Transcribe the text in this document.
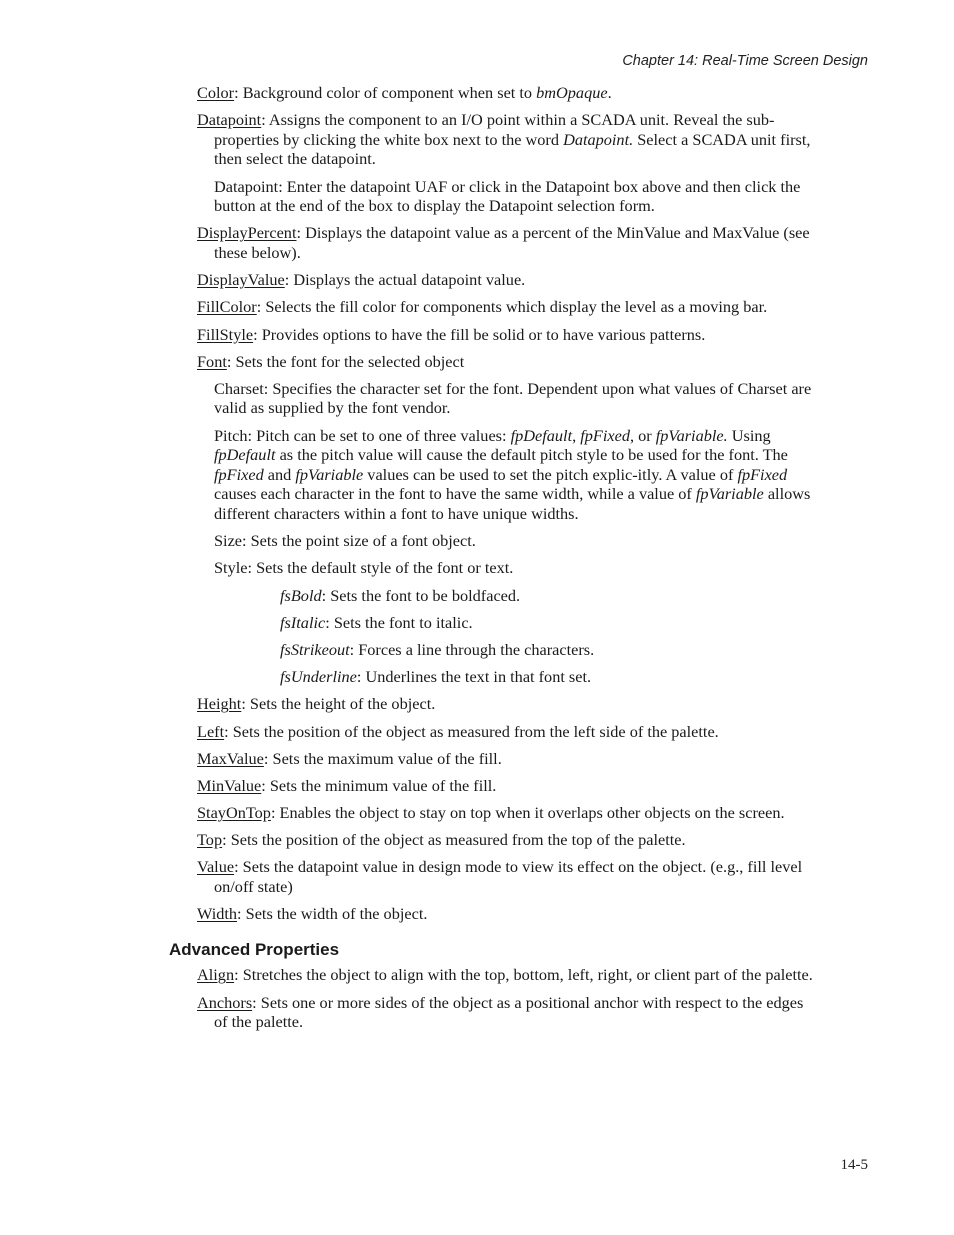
Chapter 14: Real-Time Screen Design

Color: Background color of component when set to bmOpaque.

Datapoint: Assigns the component to an I/O point within a SCADA unit. Reveal the sub-properties by clicking the white box next to the word Datapoint. Select a SCADA unit first, then select the datapoint.

Datapoint: Enter the datapoint UAF or click in the Datapoint box above and then click the button at the end of the box to display the Datapoint selection form.

DisplayPercent: Displays the datapoint value as a percent of the MinValue and MaxValue (see these below).

DisplayValue: Displays the actual datapoint value.

FillColor: Selects the fill color for components which display the level as a moving bar.

FillStyle: Provides options to have the fill be solid or to have various patterns.

Font: Sets the font for the selected object

Charset: Specifies the character set for the font. Dependent upon what values of Charset are valid as supplied by the font vendor.

Pitch: Pitch can be set to one of three values: fpDefault, fpFixed, or fpVariable. Using fpDefault as the pitch value will cause the default pitch style to be used for the font. The fpFixed and fpVariable values can be used to set the pitch explic-itly. A value of fpFixed causes each character in the font to have the same width, while a value of fpVariable allows different characters within a font to have unique widths.

Size: Sets the point size of a font object.

Style: Sets the default style of the font or text.

fsBold: Sets the font to be boldfaced.

fsItalic: Sets the font to italic.

fsStrikeout: Forces a line through the characters.

fsUnderline: Underlines the text in that font set.

Height: Sets the height of the object.

Left: Sets the position of the object as measured from the left side of the palette.

MaxValue: Sets the maximum value of the fill.

MinValue: Sets the minimum value of the fill.

StayOnTop: Enables the object to stay on top when it overlaps other objects on the screen.

Top: Sets the position of the object as measured from the top of the palette.

Value: Sets the datapoint value in design mode to view its effect on the object. (e.g., fill level on/off state)

Width: Sets the width of the object.

Advanced Properties

Align: Stretches the object to align with the top, bottom, left, right, or client part of the palette.

Anchors: Sets one or more sides of the object as a positional anchor with respect to the edges of the palette.

14-5
